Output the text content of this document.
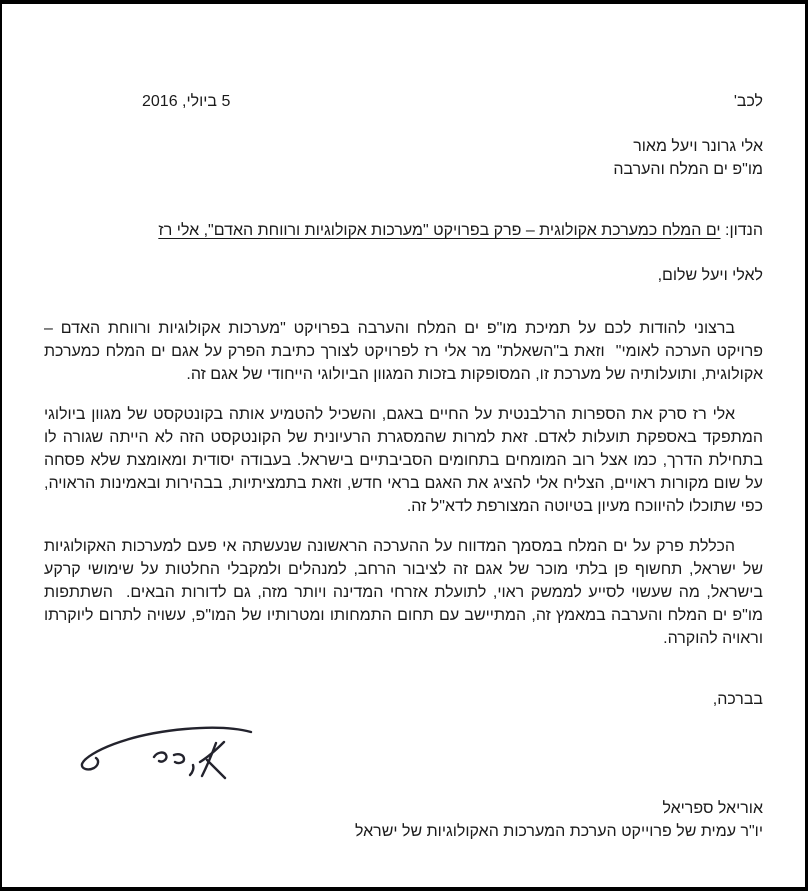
לכב'
5 ביולי, 2016
אלי גרונר ויעל מאור
מו"פ ים המלח והערבה
הנדון: ים המלח כמערכת אקולוגית – פרק בפרויקט "מערכות אקולוגיות ורווחת האדם", אלי רז
לאלי ויעל שלום,

ברצוני להודות לכם על תמיכת מו"פ ים המלח והערבה בפרויקט "מערכות אקולוגיות ורווחת האדם – פרויקט הערכה לאומי"  וזאת ב"השאלת" מר אלי רז לפרויקט לצורך כתיבת הפרק על אגם ים המלח כמערכת אקולוגית, ותועלותיה של מערכת זו, המסופקות בזכות המגוון הביולוגי הייחודי של אגם זה.

אלי רז סרק את הספרות הרלבנטית על החיים באגם, והשכיל להטמיע אותה בקונטקסט של מגוון ביולוגי המתפקד באספקת תועלות לאדם. זאת למרות שהמסגרת הרעיונית של הקונטקסט הזה לא הייתה שגורה לו בתחילת הדרך, כמו אצל רוב המומחים בתחומים הסביבתיים בישראל. בעבודה יסודית ומאומצת שלא פסחה על שום מקורות ראויים, הצליח אלי להציג את האגם בראי חדש, וזאת בתמציתיות, בבהירות ובאמינות הראויה, כפי שתוכלו להיווכח מעיון בטיוטה המצורפת לדא"ל זה.

הכללת פרק על ים המלח במסמך המדווח על ההערכה הראשונה שנעשתה אי פעם למערכות האקולוגיות של ישראל, תחשוף פן בלתי מוכר של אגם זה לציבור הרחב, למנהלים ולמקבלי החלטות על שימושי קרקע בישראל, מה שעשוי לסייע לממשק ראוי, לתועלת אזרחי המדינה ויותר מזה, גם לדורות הבאים.  השתתפות מו"פ ים המלח והערבה במאמץ זה, המתיישב עם תחום התמחותו ומטרותיו של המו"פ, עשויה לתרום ליוקרתו וראויה להוקרה.

בברכה,
אוריאל ספריאל
יו"ר עמית של פרוייקט הערכת המערכות האקולוגיות של ישראל
